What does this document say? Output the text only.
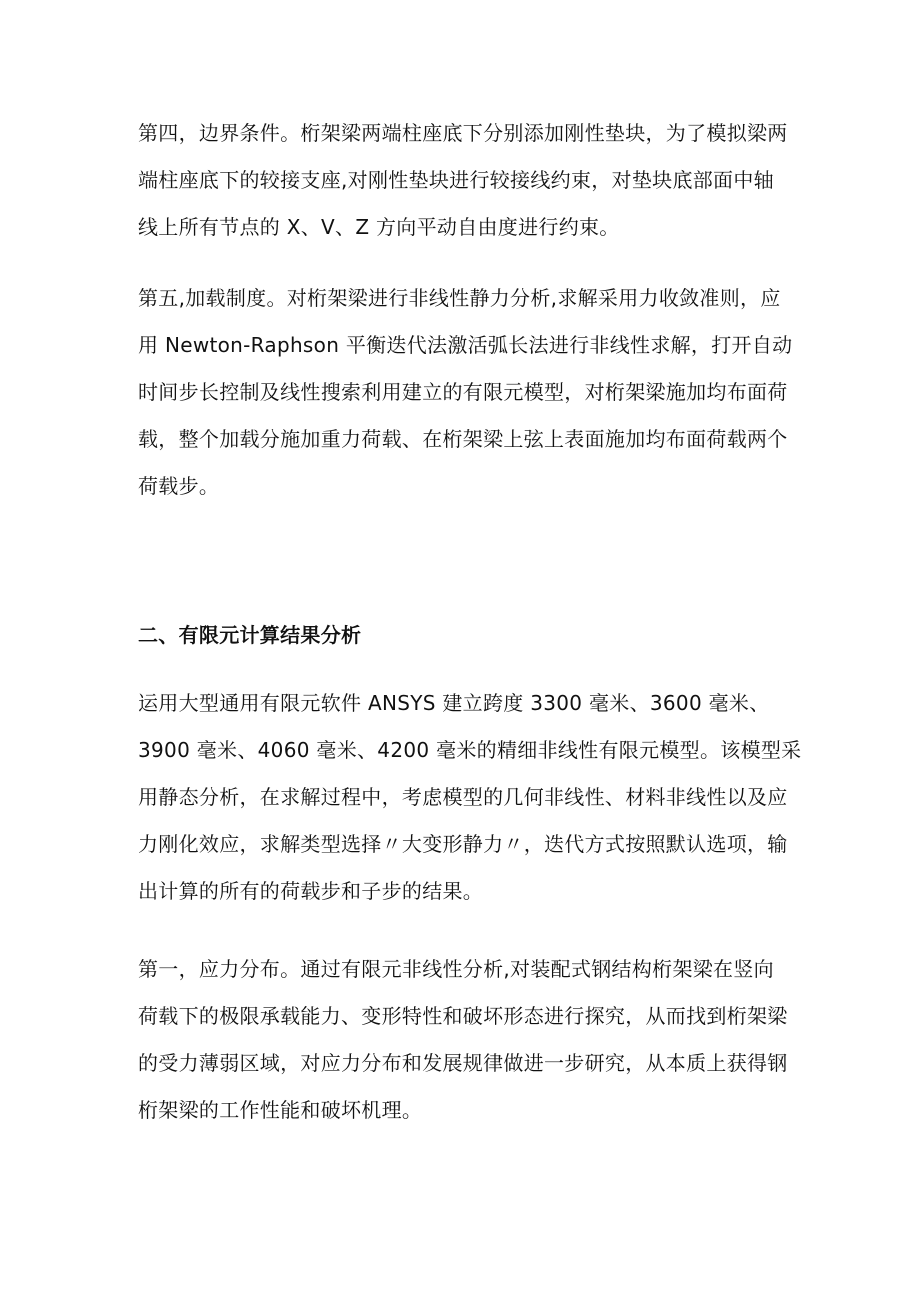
第四，边界条件。桁架梁两端柱座底下分别添加刚性垫块，为了模拟梁两
端柱座底下的较接支座,对刚性垫块进行较接线约束，对垫块底部面中轴
线上所有节点的 X、V、Z 方向平动自由度进行约束。
第五,加载制度。对桁架梁进行非线性静力分析,求解采用力收敛准则，应
用 Newton-Raphson 平衡迭代法激活弧长法进行非线性求解，打开自动
时间步长控制及线性搜索利用建立的有限元模型，对桁架梁施加均布面荷
载，整个加载分施加重力荷载、在桁架梁上弦上表面施加均布面荷载两个
荷载步。
二、有限元计算结果分析
运用大型通用有限元软件 ANSYS 建立跨度 3300 毫米、3600 毫米、
3900 毫米、4060 毫米、4200 毫米的精细非线性有限元模型。该模型采
用静态分析，在求解过程中，考虑模型的几何非线性、材料非线性以及应
力刚化效应，求解类型选择〃大变形静力〃，迭代方式按照默认选项，输
出计算的所有的荷载步和子步的结果。
第一，应力分布。通过有限元非线性分析,对装配式钢结构桁架梁在竖向
荷载下的极限承载能力、变形特性和破坏形态进行探究，从而找到桁架梁
的受力薄弱区域，对应力分布和发展规律做进一步研究，从本质上获得钢
桁架梁的工作性能和破坏机理。
